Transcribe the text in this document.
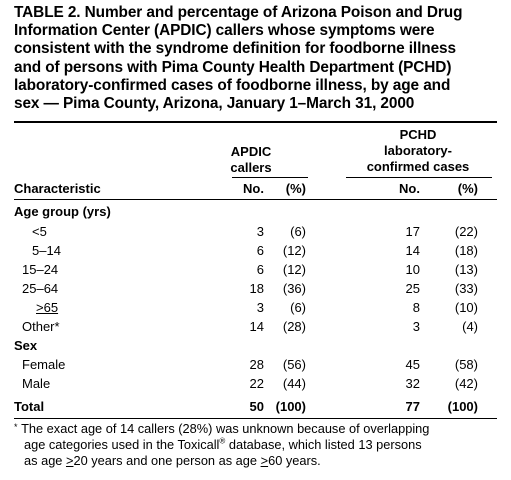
TABLE 2. Number and percentage of Arizona Poison and Drug
Information Center (APDIC) callers whose symptoms were
consistent with the syndrome definition for foodborne illness
and of persons with Pima County Health Department (PCHD)
laboratory-confirmed cases of foodborne illness, by age and
sex — Pima County, Arizona, January 1–March 31, 2000
APDIC
callers
PCHD
laboratory-
confirmed cases
Characteristic	No.	(%)	No.	(%)
Age group (yrs)
<5	3	(6)	17	(22)
5–14	6	(12)	14	(18)
15–24	6	(12)	10	(13)
25–64	18	(36)	25	(33)
>65	3	(6)	8	(10)
Other*	14	(28)	3	(4)
Sex
Female	28	(56)	45	(58)
Male	22	(44)	32	(42)
Total	50 (100)	77	(100)
* The exact age of 14 callers (28%) was unknown because of overlapping
age categories used in the Toxicall® database, which listed 13 persons
as age >20 years and one person as age >60 years.
